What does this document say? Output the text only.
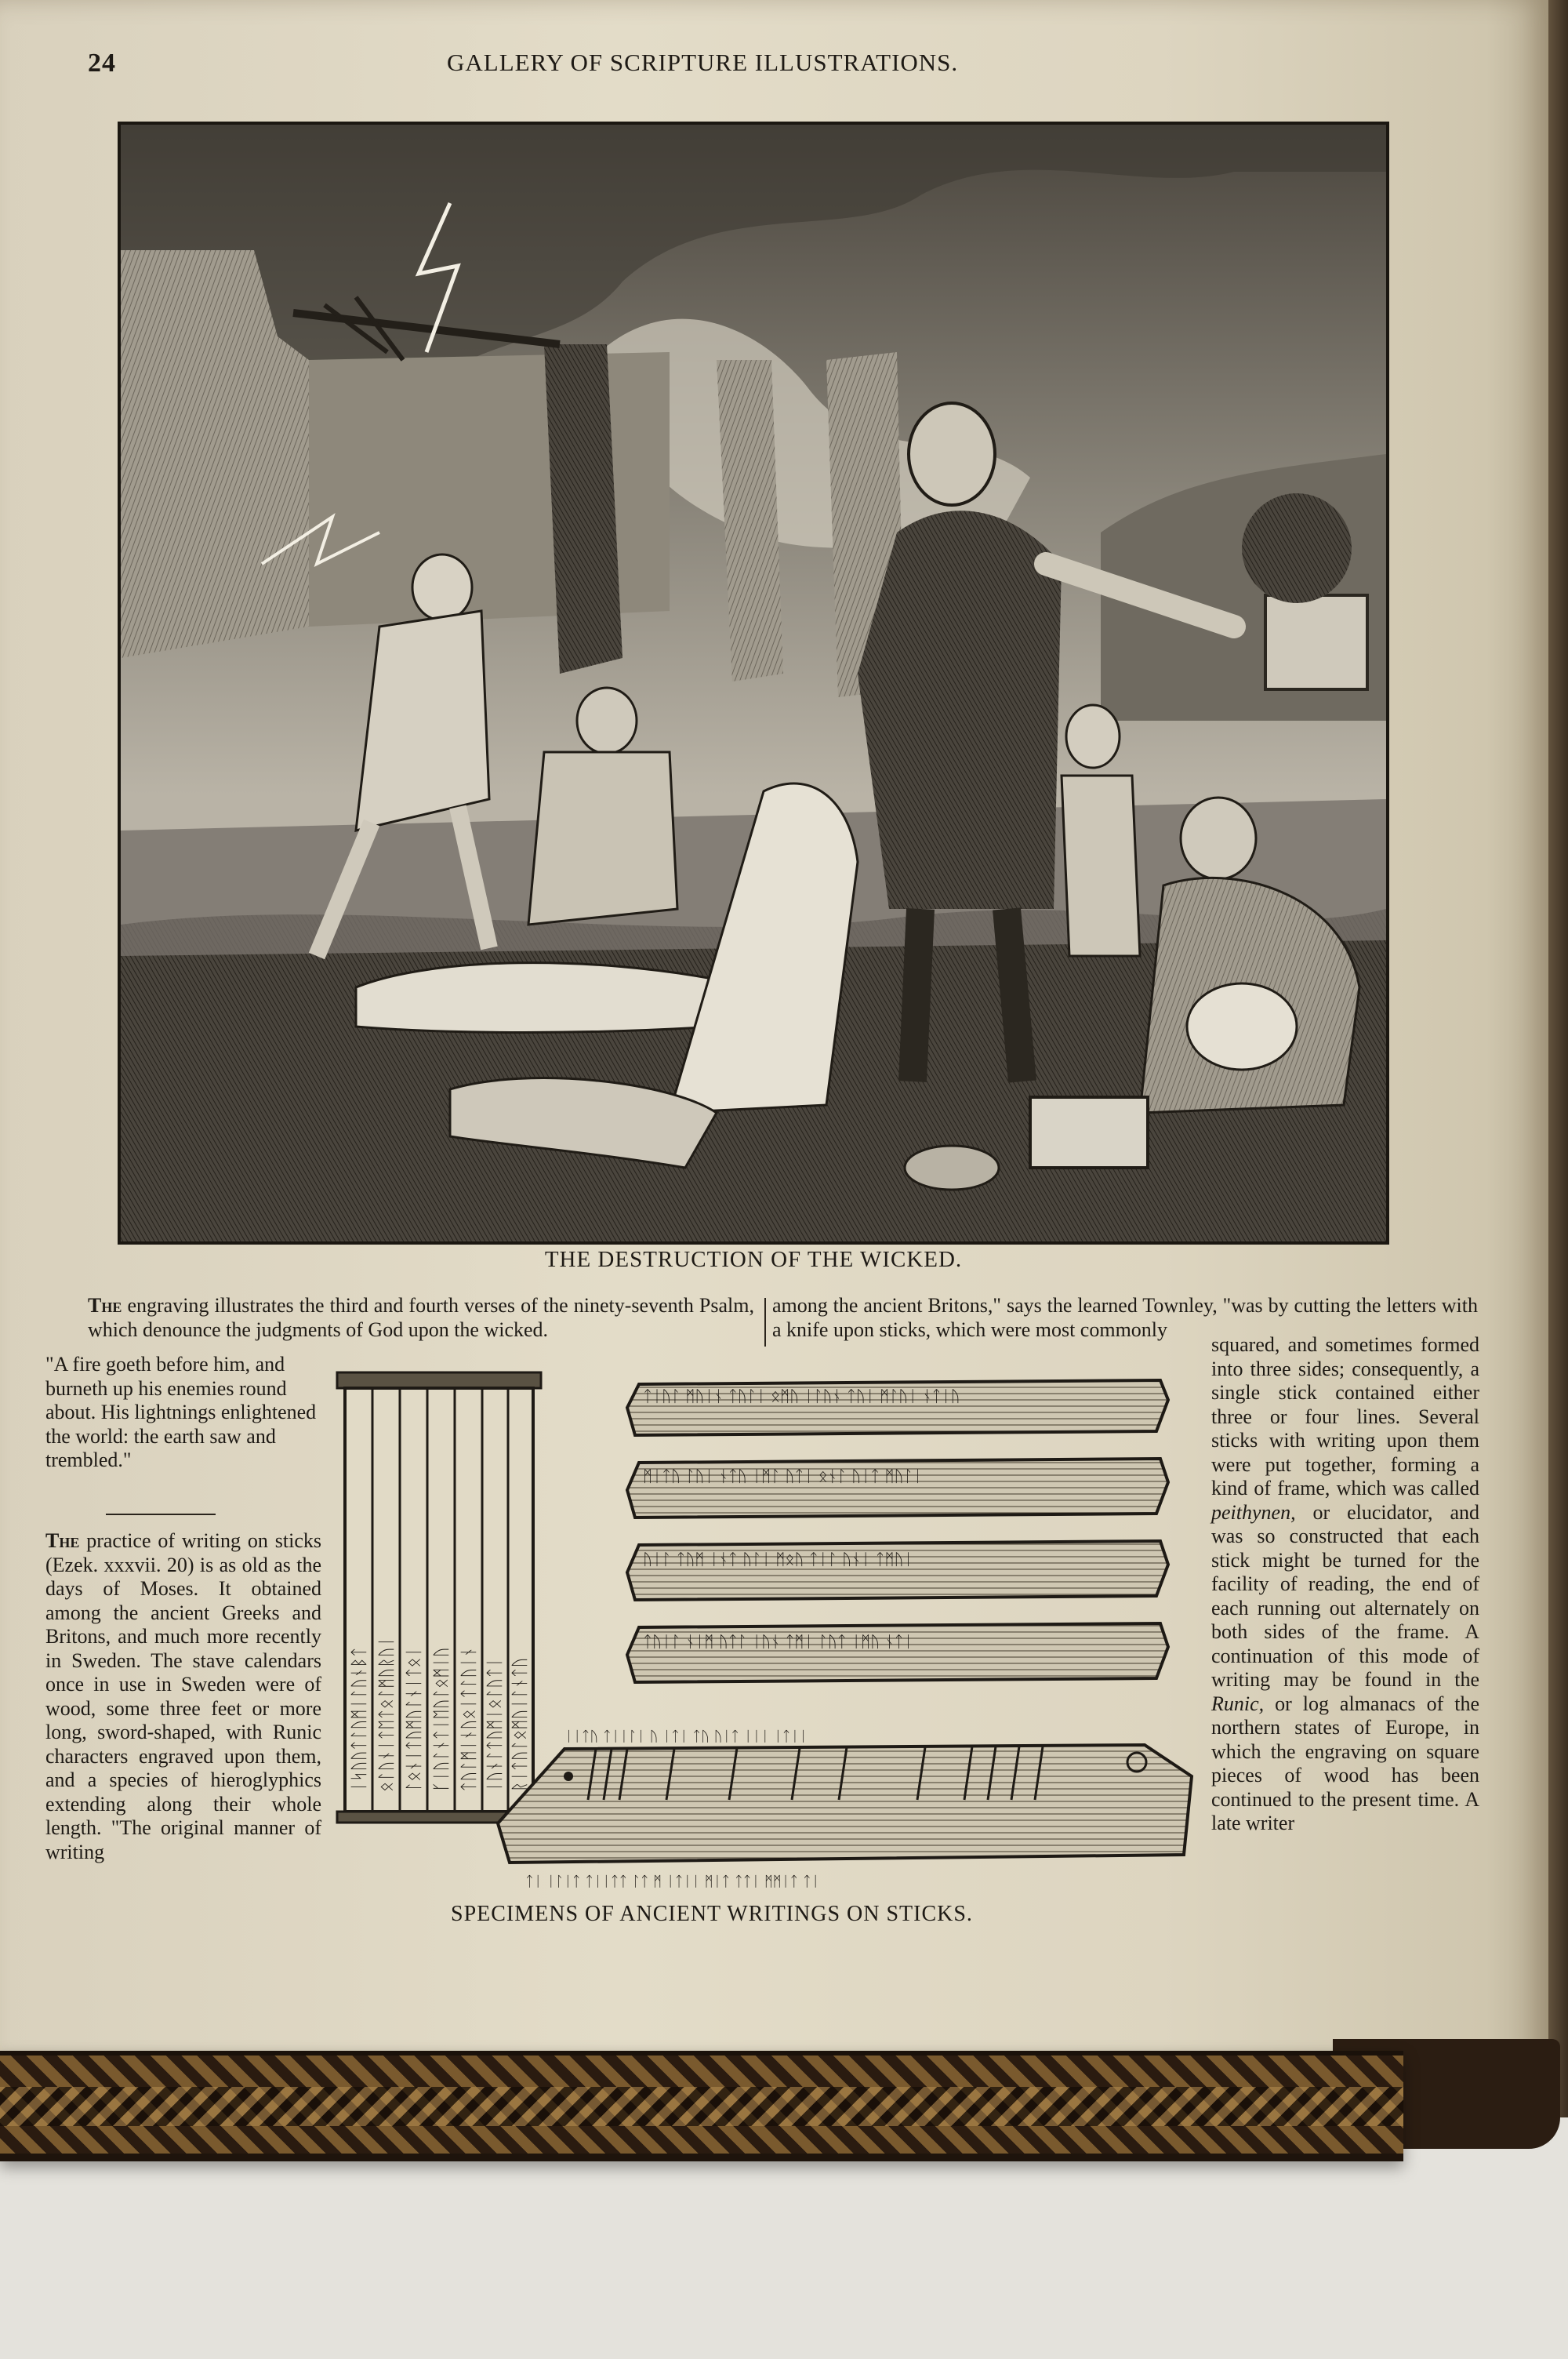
24	GALLERY OF SCRIPTURE ILLUSTRATIONS.
THE DESTRUCTION OF THE WICKED.
The engraving illustrates the third and fourth verses of the ninety-seventh Psalm, which denounce the judgments of God upon the wicked.
among the ancient Britons," says the learned Townley, "was by cutting the letters with a knife upon sticks, which were most commonly
"A fire goeth before him, and burneth up his enemies round about. His lightnings enlightened the world: the earth saw and trembled."
The practice of writing on sticks (Ezek. xxxvii. 20) is as old as the days of Moses. It obtained among the ancient Greeks and Britons, and much more recently in Sweden. The stave calendars once in use in Sweden were of wood, some three feet or more long, sword-shaped, with Runic characters engraved upon them, and a species of hieroglyphics extending along their whole length. "The original manner of writing
squared, and sometimes formed into three sides; consequently, a single stick contained either three or four lines. Several sticks with writing upon them were put together, forming a kind of frame, which was called peithynen, or elucidator, and was so constructed that each stick might be turned for the facility of reading, the end of each running out alternately on both sides of the frame. A continuation of this mode of writing may be found in the Runic, or log almanacs of the northern states of Europe, in which the engraving on square pieces of wood has been continued to the present time. A late writer
ᛁᛋᚢᚢᛏᛚᚢᛗᛁᛚᚢᚾᛒᛏ ᛟᛚᚢᚾᛁᛏᛖᛏᛟᛚᛗᚢᚱᚢᛁ ᛚᛟᚾᛁᛏᚢᛗᚢᛚᚾᛁᛏᛟᛁ ᚴᛁᚢᛚᚾᛏᛁᛖᚢᛚᛟᛗᛁᚢ ᛏᚢᛚᛗᛁᚾᚢᛟᛁᛏᛚᚢᛁᚾ ᛁᚢᚾᛚᛏᚢᛗᛁᛟᛚᚢᛏᛁ ᚱᛁᛏᚢᛚᛟᛗᚢᛁᛚᚾᛏᚢ
ᛏᛁᚢᛚ ᛗᚢᛁᚾ ᛏᚢᛚᛁ ᛟᛗᚢ ᛁᛚᚢᚾ ᛏᚢᛁ ᛗᛚᚢᛁ ᚾᛏᛁᚢ
ᛗᛁᛏᚢ ᛚᚢᛁ ᚾᛏᚢ ᛁᛗᛚ ᚢᛏᛁ ᛟᚾᛚ ᚢᛁᛏ ᛗᚢᛚᛁ
ᚢᛁᛚ ᛏᚢᛗ ᛁᚾᛏ ᚢᛚᛁ ᛗᛟᚢ ᛏᛁᛚ ᚢᚾᛁ ᛏᛗᚢᛁ
ᛏᚢᛁᛚ ᚾᛁᛗ ᚢᛏᛚ ᛁᚢᚾ ᛏᛗᛁ ᛚᚢᛏ ᛁᛗᚢ ᚾᛏᛁ
ᛁᛁᛏᚢ ᛏᛁᛁᛚᛁ ᚢ ᛁᛏᛁ ᛏᚢ ᚢᛁᛏ ᛁᛁᛁ ᛁᛏᛁᛁ
ᛏᛁ ᛁᛚᛁᛏ ᛏᛁᛁᛏᛏ ᛚᛏ ᛗ ᛁᛏᛁᛁ ᛗᛁᛏ ᛏᛏᛁ ᛗᛗᛁᛏ ᛏᛁ
SPECIMENS OF ANCIENT WRITINGS ON STICKS.
